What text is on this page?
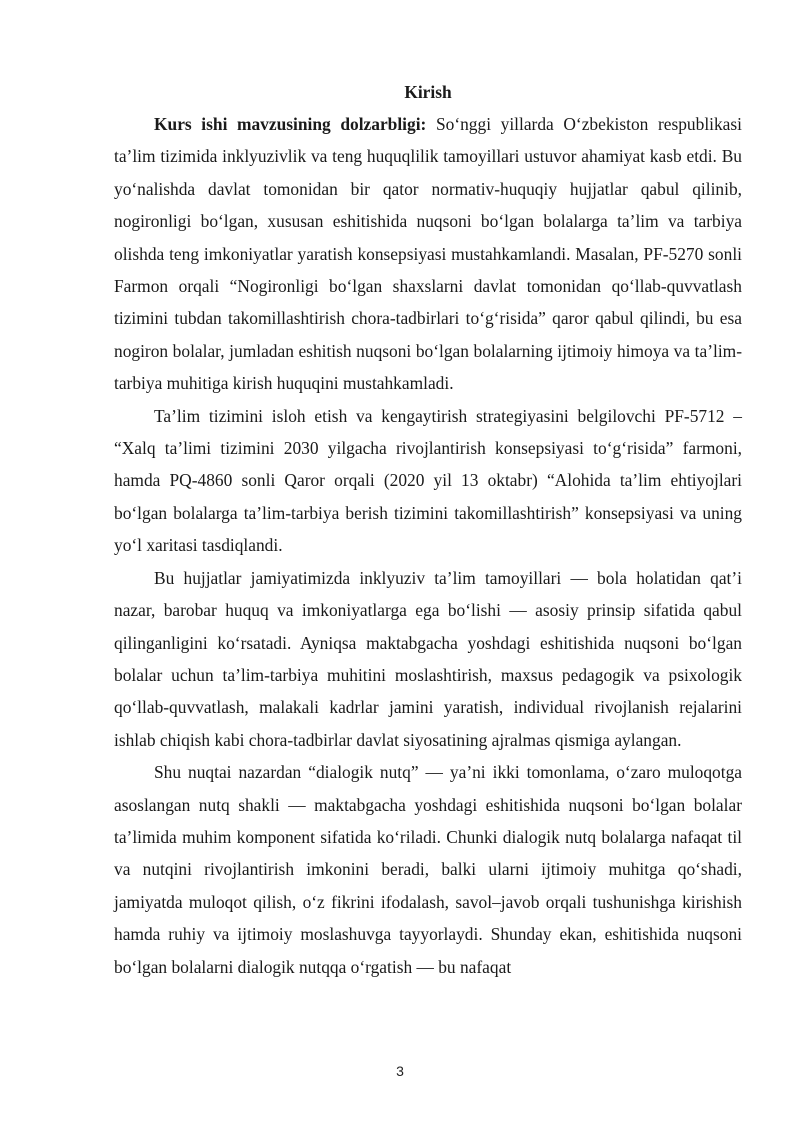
Kirish

Kurs ishi mavzusining dolzarbligi: So‘nggi yillarda O‘zbekiston respublikasi ta’lim tizimida inklyuzivlik va teng huquqlilik tamoyillari ustuvor ahamiyat kasb etdi. Bu yo‘nalishda davlat tomonidan bir qator normativ-huquqiy hujjatlar qabul qilinib, nogironligi bo‘lgan, xususan eshitishida nuqsoni bo‘lgan bolalarga ta’lim va tarbiya olishda teng imkoniyatlar yaratish konsepsiyasi mustahkamlandi. Masalan, PF-5270 sonli Farmon orqali “Nogironligi bo‘lgan shaxslarni davlat tomonidan qo‘llab-quvvatlash tizimini tubdan takomillashtirish chora-tadbirlari to‘g‘risida” qaror qabul qilindi, bu esa nogiron bolalar, jumladan eshitish nuqsoni bo‘lgan bolalarning ijtimoiy himoya va ta’lim-tarbiya muhitiga kirish huquqini mustahkamladi.

Ta’lim tizimini isloh etish va kengaytirish strategiyasini belgilovchi PF-5712 – “Xalq ta’limi tizimini 2030 yilgacha rivojlantirish konsepsiyasi to‘g‘risida” farmoni, hamda PQ-4860 sonli Qaror orqali (2020 yil 13 oktabr) “Alohida ta’lim ehtiyojlari bo‘lgan bolalarga ta’lim-tarbiya berish tizimini takomillashtirish” konsepsiyasi va uning yo‘l xaritasi tasdiqlandi.

Bu hujjatlar jamiyatimizda inklyuziv ta’lim tamoyillari — bola holatidan qat’i nazar, barobar huquq va imkoniyatlarga ega bo‘lishi — asosiy prinsip sifatida qabul qilinganligini ko‘rsatadi. Ayniqsa maktabgacha yoshdagi eshitishida nuqsoni bo‘lgan bolalar uchun ta’lim-tarbiya muhitini moslashtirish, maxsus pedagogik va psixologik qo‘llab-quvvatlash, malakali kadrlar jamini yaratish, individual rivojlanish rejalarini ishlab chiqish kabi chora-tadbirlar davlat siyosatining ajralmas qismiga aylangan.

Shu nuqtai nazardan “dialogik nutq” — ya’ni ikki tomonlama, o‘zaro muloqotga asoslangan nutq shakli — maktabgacha yoshdagi eshitishida nuqsoni bo‘lgan bolalar ta’limida muhim komponent sifatida ko‘riladi. Chunki dialogik nutq bolalarga nafaqat til va nutqini rivojlantirish imkonini beradi, balki ularni ijtimoiy muhitga qo‘shadi, jamiyatda muloqot qilish, o‘z fikrini ifodalash, savol–javob orqali tushunishga kirishish hamda ruhiy va ijtimoiy moslashuvga tayyorlaydi. Shunday ekan, eshitishida nuqsoni bo‘lgan bolalarni dialogik nutqqa o‘rgatish — bu nafaqat

3
